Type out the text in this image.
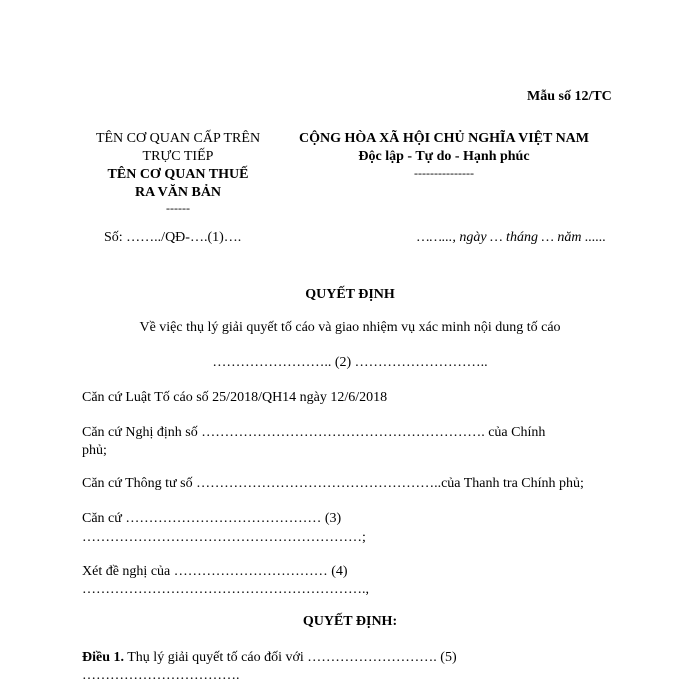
Mẫu số 12/TC
TÊN CƠ QUAN CẤP TRÊN
TRỰC TIẾP
TÊN CƠ QUAN THUẾ
RA VĂN BẢN
------
CỘNG HÒA XÃ HỘI CHỦ NGHĨA VIỆT NAM
Độc lập - Tự do - Hạnh phúc
---------------
Số: ……../QĐ-….(1)….	……..., ngày … tháng … năm ......
QUYẾT ĐỊNH
Về việc thụ lý giải quyết tố cáo và giao nhiệm vụ xác minh nội dung tố cáo
…………………….. (2) ………………………..
Căn cứ Luật Tố cáo số 25/2018/QH14 ngày 12/6/2018
Căn cứ Nghị định số ……………………………………………………. của Chính
phủ;
Căn cứ Thông tư số ……………………………………………..của Thanh tra Chính phủ;
Căn cứ …………………………………… (3)
……………………………………………………;
Xét đề nghị của …………………………… (4)
…………………………………………………….,
QUYẾT ĐỊNH:
Điều 1. Thụ lý giải quyết tố cáo đối với ………………………. (5)
…………………………….
